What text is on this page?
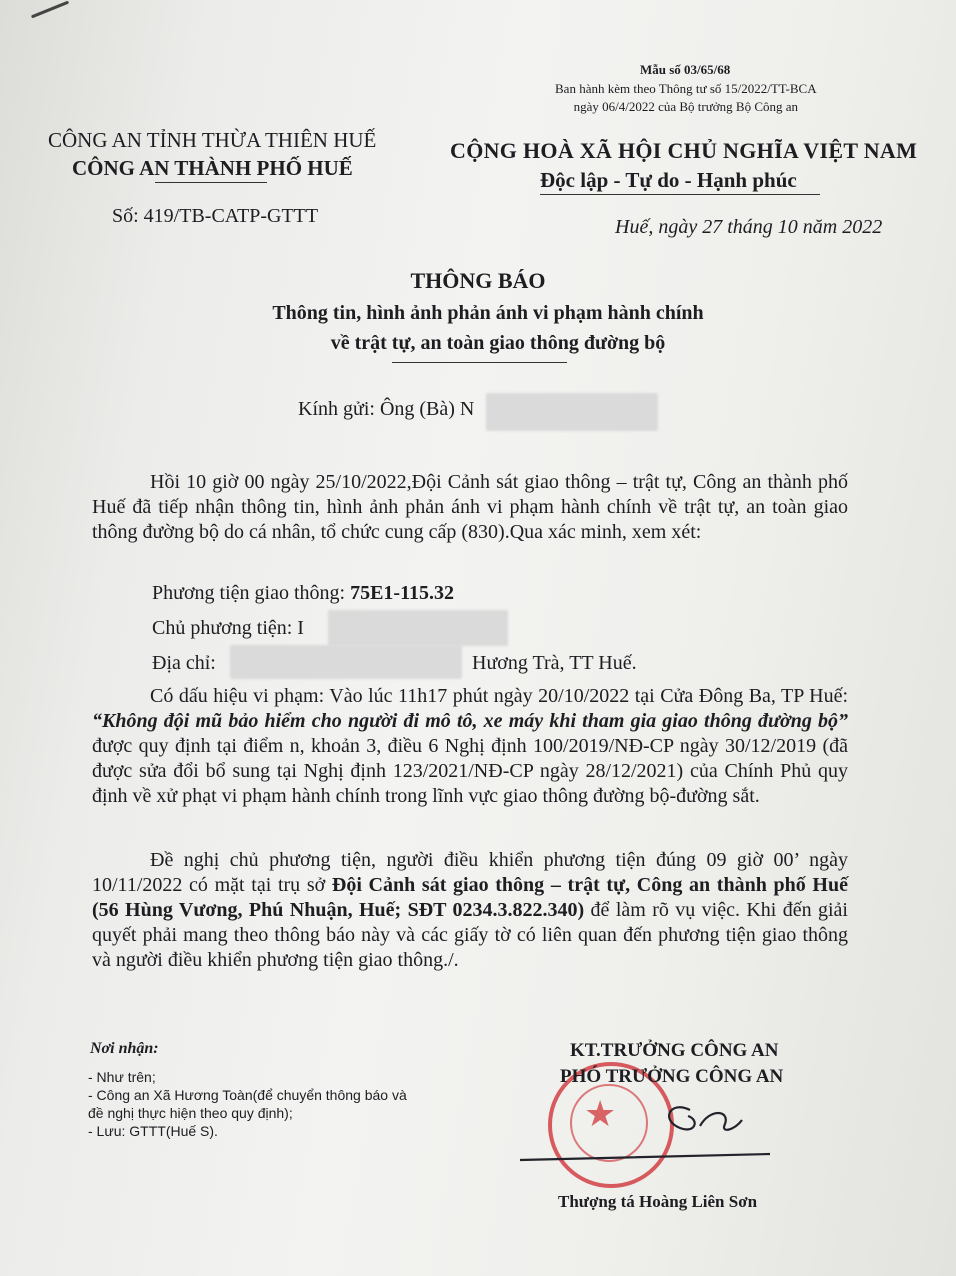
Mẫu số 03/65/68
Ban hành kèm theo Thông tư số 15/2022/TT-BCA
ngày 06/4/2022 của Bộ trưởng Bộ Công an
CÔNG AN TỈNH THỪA THIÊN HUẾ
CÔNG AN THÀNH PHỐ HUẾ
CỘNG HOÀ XÃ HỘI CHỦ NGHĨA VIỆT NAM
Độc lập - Tự do - Hạnh phúc
Số: 419/TB-CATP-GTTT	Huế, ngày 27 tháng 10 năm 2022
THÔNG BÁO
Thông tin, hình ảnh phản ánh vi phạm hành chính
về trật tự, an toàn giao thông đường bộ
Kính gửi: Ông (Bà) N
Hồi 10 giờ 00 ngày 25/10/2022,Đội Cảnh sát giao thông – trật tự, Công an thành phố Huế đã tiếp nhận thông tin, hình ảnh phản ánh vi phạm hành chính về trật tự, an toàn giao thông đường bộ do cá nhân, tổ chức cung cấp (830).Qua xác minh, xem xét:
Phương tiện giao thông: 75E1-115.32
Chủ phương tiện: I
Địa chỉ:	Hương Trà, TT Huế.
Có dấu hiệu vi phạm: Vào lúc 11h17 phút ngày 20/10/2022 tại Cửa Đông Ba, TP Huế: “Không đội mũ bảo hiểm cho người đi mô tô, xe máy khi tham gia giao thông đường bộ” được quy định tại điểm n, khoản 3, điều 6 Nghị định 100/2019/NĐ-CP ngày 30/12/2019 (đã được sửa đổi bổ sung tại Nghị định 123/2021/NĐ-CP ngày 28/12/2021) của Chính Phủ quy định về xử phạt vi phạm hành chính trong lĩnh vực giao thông đường bộ-đường sắt.
Đề nghị chủ phương tiện, người điều khiển phương tiện đúng 09 giờ 00’ ngày 10/11/2022 có mặt tại trụ sở Đội Cảnh sát giao thông – trật tự, Công an thành phố Huế (56 Hùng Vương, Phú Nhuận, Huế; SĐT 0234.3.822.340) để làm rõ vụ việc. Khi đến giải quyết phải mang theo thông báo này và các giấy tờ có liên quan đến phương tiện giao thông và người điều khiển phương tiện giao thông./.
Nơi nhận:
- Như trên;
- Công an Xã Hương Toàn(để chuyển thông báo và
đề nghị thực hiện theo quy định);
- Lưu: GTTT(Huế S).	★
KT.TRƯỞNG CÔNG AN
PHÓ TRƯỞNG CÔNG AN
Thượng tá Hoàng Liên Sơn
